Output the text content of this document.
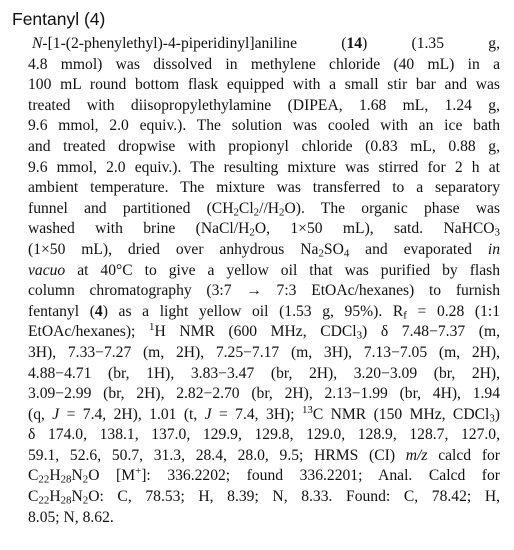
Fentanyl (4)
N-[1-(2-phenylethyl)-4-piperidinyl]aniline (14) (1.35 g,
4.8 mmol) was dissolved in methylene chloride (40 mL) in a
100 mL round bottom flask equipped with a small stir bar and was
treated with diisopropylethylamine (DIPEA, 1.68 mL, 1.24 g,
9.6 mmol, 2.0 equiv.). The solution was cooled with an ice bath
and treated dropwise with propionyl chloride (0.83 mL, 0.88 g,
9.6 mmol, 2.0 equiv.). The resulting mixture was stirred for 2 h at
ambient temperature. The mixture was transferred to a separatory
funnel and partitioned $(CH_2Cl_2//H_2O)$. The organic phase was
washed with brine ($NaCl/H_2O$, 1×50 mL), satd. NaHCO$_3$
(1×50 mL), dried over anhydrous $Na_2SO_4$ and evaporated in
vacuo at 40°C to give a yellow oil that was purified by flash
column chromatography (3:7 → 7:3 EtOAc/hexanes) to furnish
fentanyl (4) as a light yellow oil (1.53 g, 95%). $R_f = 0.28$ (1:1
EtOAc/hexanes); $^1$H NMR (600 MHz, CDCl$_3$) δ 7.48−7.37 (m,
3H), 7.33−7.27 (m, 2H), 7.25−7.17 (m, 3H), 7.13−7.05 (m, 2H),
4.88−4.71 (br, 1H), 3.83−3.47 (br, 2H), 3.20−3.09 (br, 2H),
3.09−2.99 (br, 2H), 2.82−2.70 (br, 2H), 2.13−1.99 (br, 4H), 1.94
(q, J = 7.4, 2H), 1.01 (t, J = 7.4, 3H); $^{13}$C NMR (150 MHz, CDCl$_3$)
δ 174.0, 138.1, 137.0, 129.9, 129.8, 129.0, 128.9, 128.7, 127.0,
59.1, 52.6, 50.7, 31.3, 28.4, 28.0, 9.5; HRMS (CI) m/z calcd for
$C_{22}H_{28}N_2O$ [M+]: 336.2202; found 336.2201; Anal. Calcd for
$C_{22}H_{28}N_2O$: C, 78.53; H, 8.39; N, 8.33. Found: C, 78.42; H,
8.05; N, 8.62.
